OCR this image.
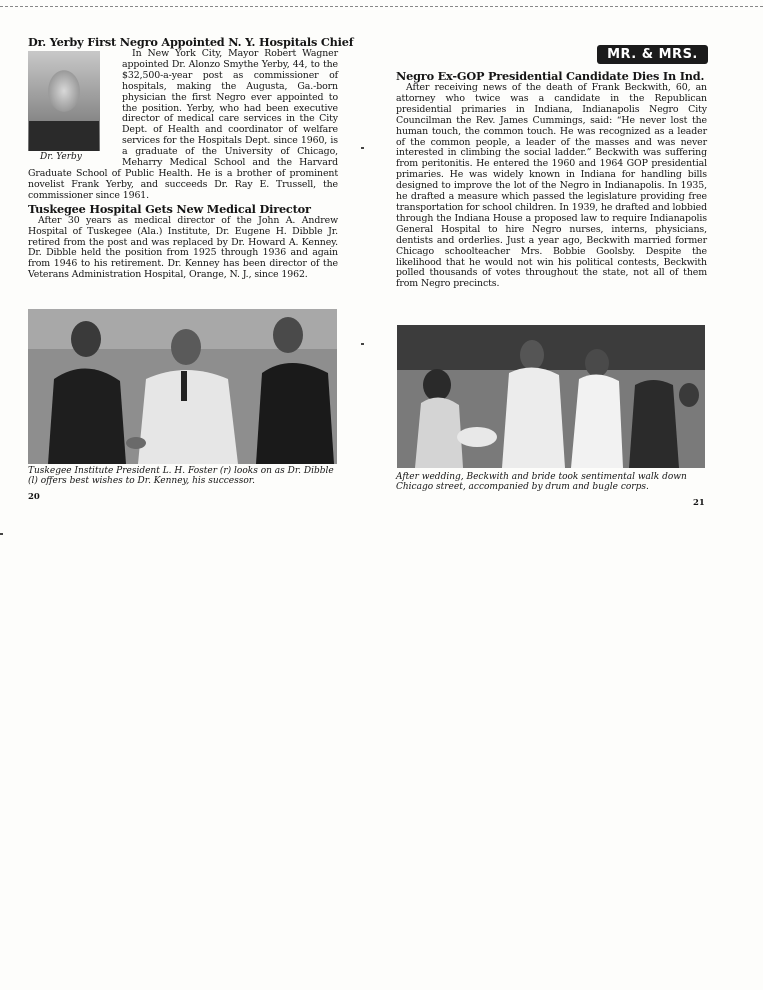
MR. & MRS.
Dr. Yerby First Negro Appointed N. Y. Hospitals Chief
Dr. Yerby

In New York City, Mayor Robert Wagner appointed Dr. Alonzo Smythe Yerby, 44, to the $32,500-a-year post as commissioner of hospitals, making the Augusta, Ga.-born physician the first Negro ever appointed to the position. Yerby, who had been executive director of medical care services in the City Dept. of Health and coordinator of welfare services for the Hospitals Dept. since 1960, is a graduate of the University of Chicago, Meharry Medical School and the Harvard Graduate School of Public Health. He is a brother of prominent novelist Frank Yerby, and succeeds Dr. Ray E. Trussell, the commissioner since 1961.

Tuskegee Hospital Gets New Medical Director

After 30 years as medical director of the John A. Andrew Hospital of Tuskegee (Ala.) Institute, Dr. Eugene H. Dibble Jr. retired from the post and was replaced by Dr. Howard A. Kenney. Dr. Dibble held the position from 1925 through 1936 and again from 1946 to his retirement. Dr. Kenney has been director of the Veterans Administration Hospital, Orange, N. J., since 1962.

Tuskegee Institute President L. H. Foster (r) looks on as Dr. Dibble (l) offers best wishes to Dr. Kenney, his successor.

20
Negro Ex-GOP Presidential Candidate Dies In Ind.

After receiving news of the death of Frank Beckwith, 60, an attorney who twice was a candidate in the Republican presidential primaries in Indiana, Indianapolis Negro City Councilman the Rev. James Cummings, said: “He never lost the human touch, the common touch. He was recognized as a leader of the common people, a leader of the masses and was never interested in climbing the social ladder.” Beckwith was suffering from peritonitis. He entered the 1960 and 1964 GOP presidential primaries. He was widely known in Indiana for handling bills designed to improve the lot of the Negro in Indianapolis. In 1935, he drafted a measure which passed the legislature providing free transportation for school children. In 1939, he drafted and lobbied through the Indiana House a proposed law to require Indianapolis General Hospital to hire Negro nurses, interns, physicians, dentists and orderlies. Just a year ago, Beckwith married former Chicago schoolteacher Mrs. Bobbie Goolsby. Despite the likelihood that he would not win his political contests, Beckwith polled thousands of votes throughout the state, not all of them from Negro precincts.

After wedding, Beckwith and bride took sentimental walk down Chicago street, accompanied by drum and bugle corps.

21
